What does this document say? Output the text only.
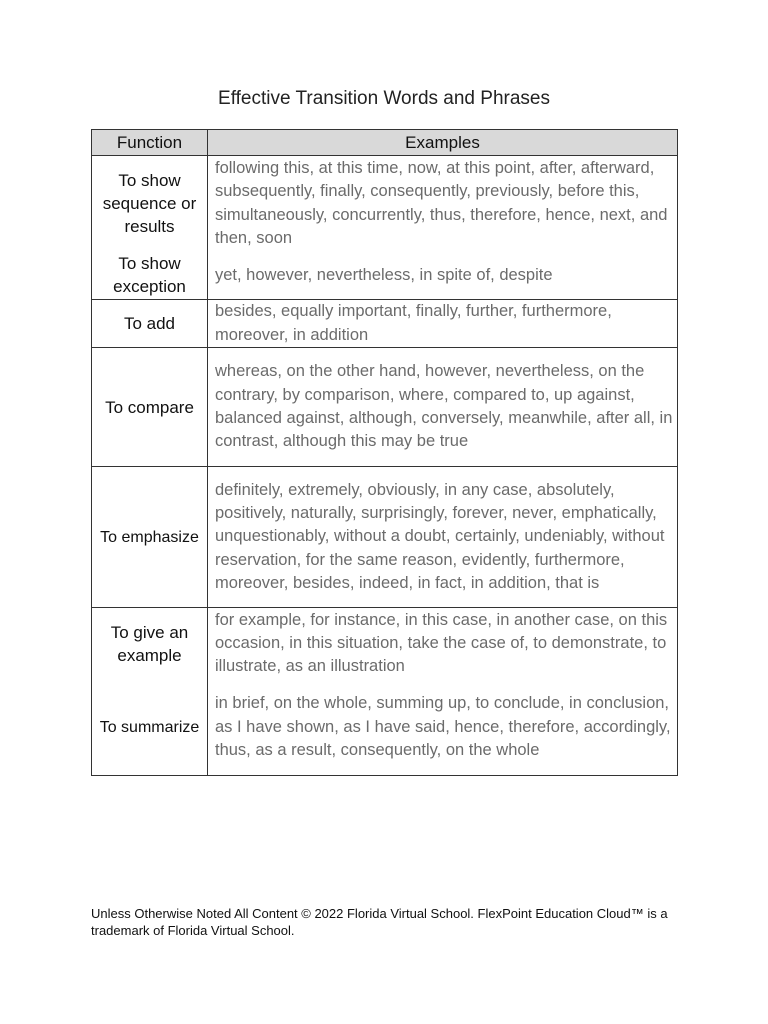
Effective Transition Words and Phrases
Function	Examples
To show sequence or results	following this, at this time, now, at this point, after, afterward, subsequently, finally, consequently, previously, before this, simultaneously, concurrently, thus, therefore, hence, next, and then, soon
To show exception	yet, however, nevertheless, in spite of, despite
To add	besides, equally important, finally, further, furthermore, moreover, in addition
To compare	whereas, on the other hand, however, nevertheless, on the contrary, by comparison, where, compared to, up against, balanced against, although, conversely, meanwhile, after all, in contrast, although this may be true
To emphasize	definitely, extremely, obviously, in any case, absolutely, positively, naturally, surprisingly, forever, never, emphatically, unquestionably, without a doubt, certainly, undeniably, without reservation, for the same reason, evidently, furthermore, moreover, besides, indeed, in fact, in addition, that is
To give an example	for example, for instance, in this case, in another case, on this occasion, in this situation, take the case of, to demonstrate, to illustrate, as an illustration
To summarize	in brief, on the whole, summing up, to conclude, in conclusion, as I have shown, as I have said, hence, therefore, accordingly, thus, as a result, consequently, on the whole
Unless Otherwise Noted All Content © 2022 Florida Virtual School. FlexPoint Education Cloud™ is a trademark of Florida Virtual School.
